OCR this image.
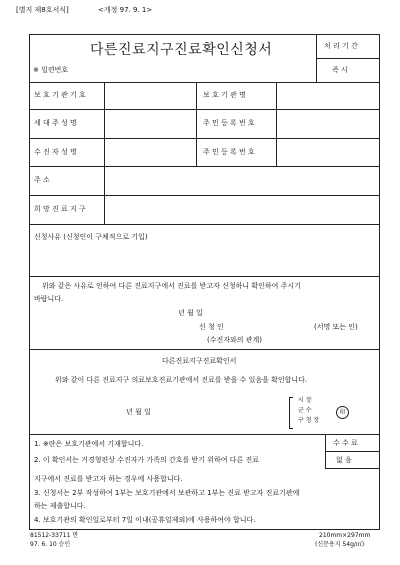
[별지 제8호서식]	<개정 97. 9. 1>
다른진료지구진료확인신청서
※ 일련번호
처 리 기 간
즉 시
보 호 기 관 기 호	보 호 기 관 명
세 대 주 성 명	주 민 등 록 번 호
수 진 자 성 명	주 민 등 록 번 호
주 소
희 망 진 료 지 구
신청사유 (신청인이 구체적으로 기입)
위와 같은 사유로 인하여 다른 진료지구에서 진료를 받고자 신청하니 확인하여 주시기
바랍니다.
년 월 일
신 청 인	(서명 또는 인)
(수진자와의 관계)
다른진료지구진료확인서
위와 같이 다른 진료지구 의료보호진료기관에서 진료를 받을 수 있음을 확인합니다.
년 월 일
시 장
군 수
구 청 장
印
수 수 료
없 음
1. ※란은 보호기관에서 기재합니다.
2. 이 확인서는 거경형편상 수진자가 가족의 간호를 받기 위하여 다른 진료
지구에서 진료를 받고자 하는 경우에 사용합니다.
3. 신청서는 2부 작성하여 1부는 보호기관에서 보관하고 1부는 진료 받고자 진료기관에
하는 제출합니다.
4. 보호기관의 확인일로부터 7일 이내(공휴일제외)에 사용하여야 합니다.
81512-33711 면
97. 6. 10 승인
210mm×297mm
(신문용지 54g/㎡)
